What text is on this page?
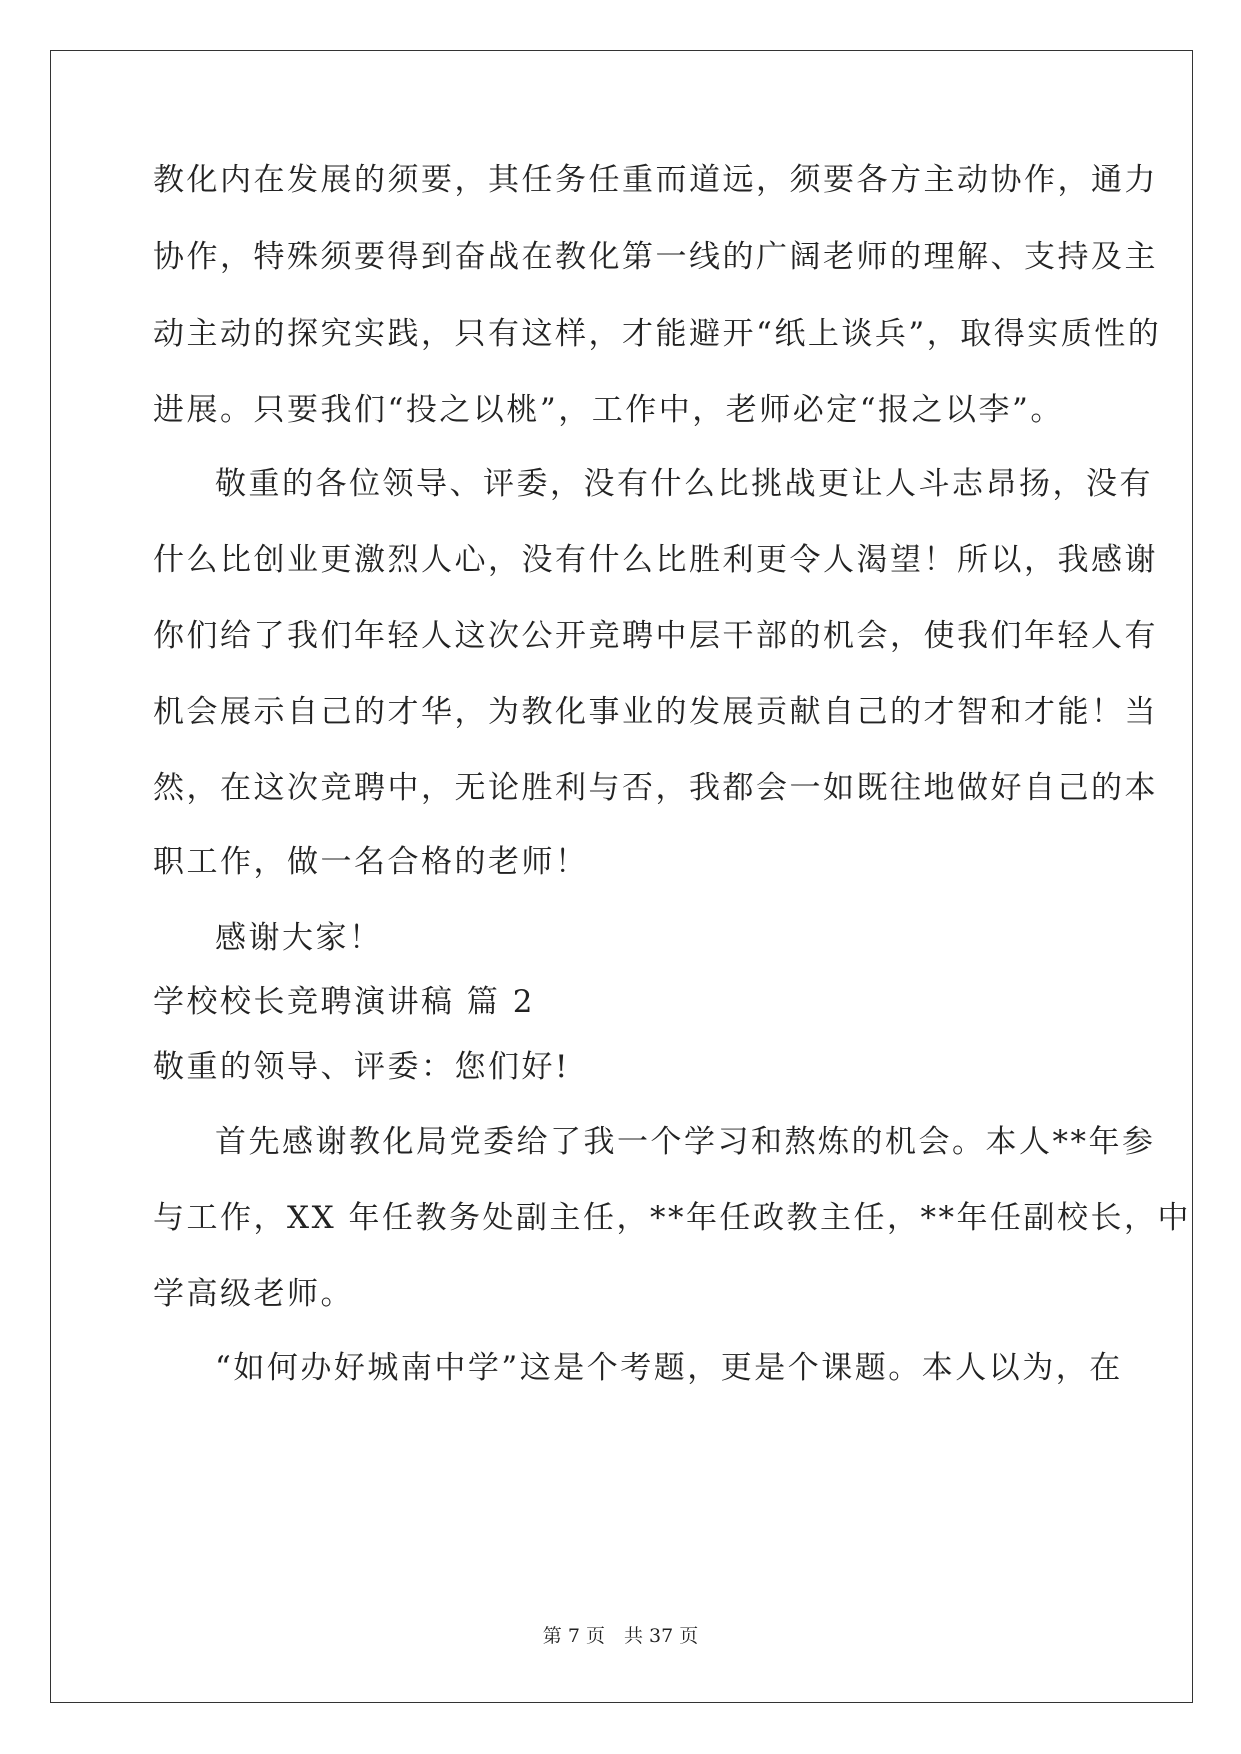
教化内在发展的须要，其任务任重而道远，须要各方主动协作，通力
协作，特殊须要得到奋战在教化第一线的广阔老师的理解、支持及主
动主动的探究实践，只有这样，才能避开“纸上谈兵”，取得实质性的
进展。只要我们“投之以桃”，工作中，老师必定“报之以李”。
敬重的各位领导、评委，没有什么比挑战更让人斗志昂扬，没有
什么比创业更激烈人心，没有什么比胜利更令人渴望！所以，我感谢
你们给了我们年轻人这次公开竞聘中层干部的机会，使我们年轻人有
机会展示自己的才华，为教化事业的发展贡献自己的才智和才能！当
然，在这次竞聘中，无论胜利与否，我都会一如既往地做好自己的本
职工作，做一名合格的老师！
感谢大家！
学校校长竞聘演讲稿 篇 2
敬重的领导、评委：您们好!
首先感谢教化局党委给了我一个学习和熬炼的机会。本人**年参
与工作，XX 年任教务处副主任，**年任政教主任，**年任副校长，中
学高级老师。
“如何办好城南中学”这是个考题，更是个课题。本人以为，在
第 7 页　共 37 页
